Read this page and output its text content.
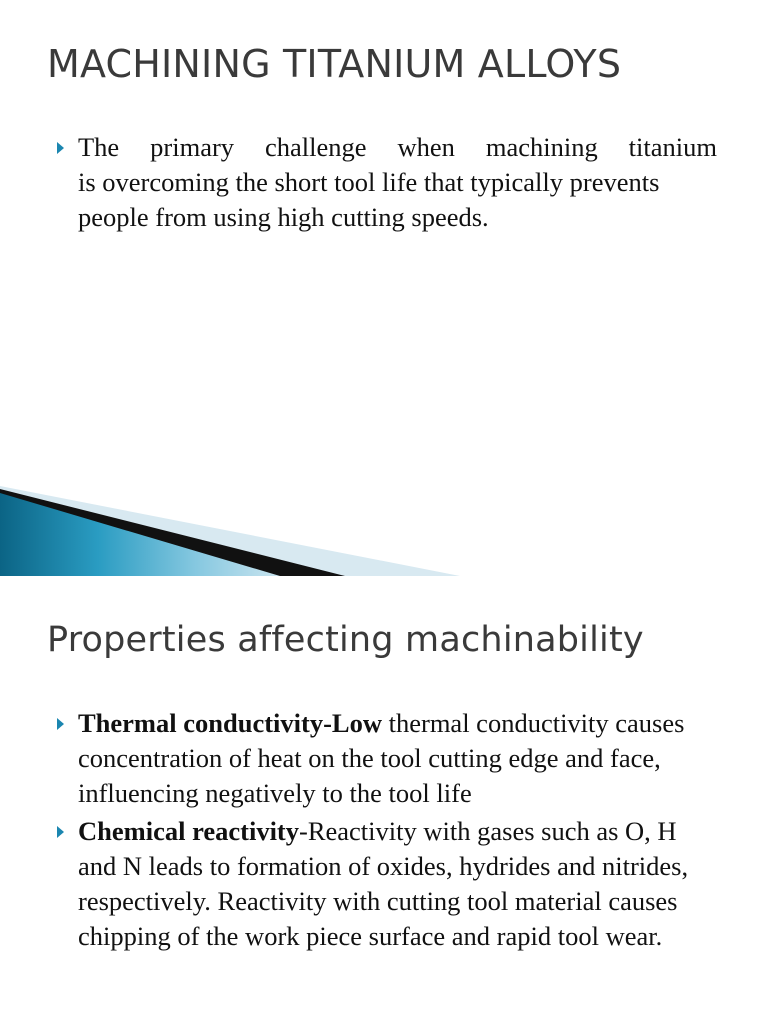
MACHINING TITANIUM ALLOYS
The primary challenge when machining titanium
is overcoming the short tool life that typically prevents people from using high cutting speeds.
Properties affecting machinability
Thermal conductivity-Low thermal conductivity causes concentration of heat on the tool cutting edge and face, influencing negatively to the tool life
Chemical reactivity-Reactivity with gases such as O, H and N leads to formation of oxides, hydrides and nitrides, respectively. Reactivity with cutting tool material causes chipping of the work piece surface and rapid tool wear.
